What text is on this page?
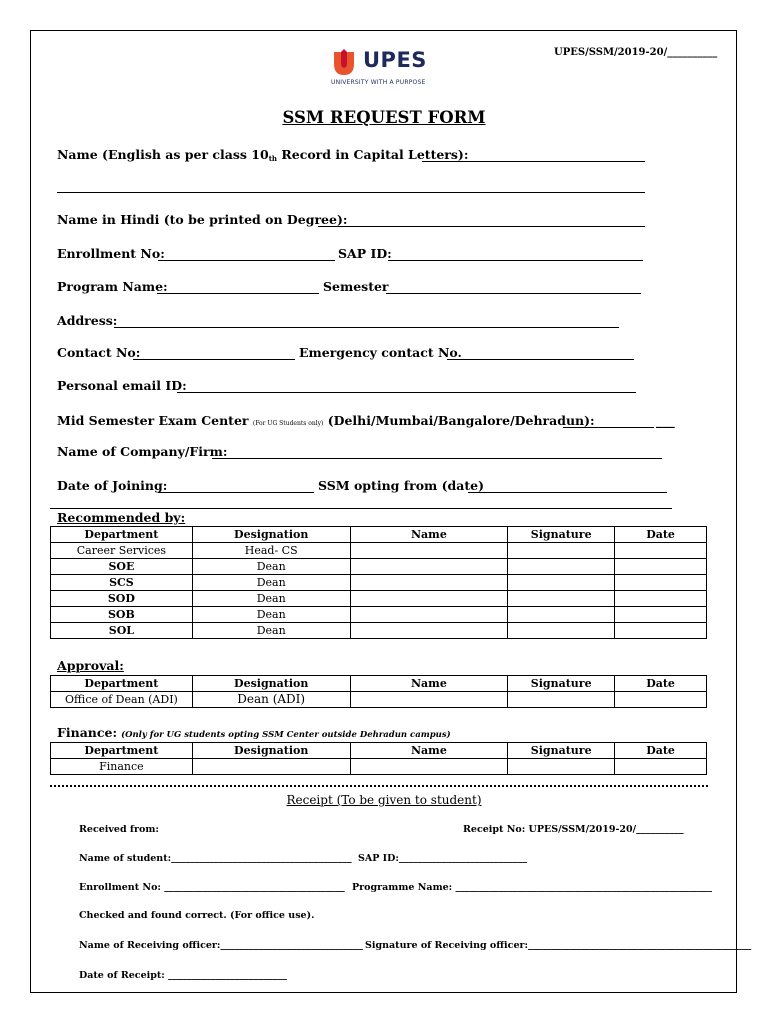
UPES
UNIVERSITY WITH A PURPOSE
UPES/SSM/2019-20/__________
SSM REQUEST FORM
Name (English as per class $10_{th}$ Record in Capital Letters):
Name in Hindi (to be printed on Degree):
Enrollment No:	SAP ID:
Program Name:	Semester
Address:
Contact No:	Emergency contact No.
Personal email ID:
Mid Semester Exam Center (For UG Students only) (Delhi/Mumbai/Bangalore/Dehradun):	___
Name of Company/Firm:
Date of Joining:	SSM opting from (date)
Recommended by:
Department	Designation	Name	Signature	Date
Career Services	Head- CS			
SOE	Dean			
SCS	Dean			
SOD	Dean			
SOB	Dean			
SOL	Dean			
Approval:
Department	Designation	Name	Signature	Date
Office of Dean (ADI)	Dean (ADI)			
Finance: (Only for UG students opting SSM Center outside Dehradun campus)
Department	Designation	Name	Signature	Date
Finance				
Receipt (To be given to student)
Received from:	Receipt No: UPES/SSM/2019-20/__________
Name of student:______________________________________ SAP ID:___________________________
Enrollment No: ______________________________________ Programme Name: ______________________________________________________
Checked and found correct. (For office use).
Name of Receiving officer:______________________________ Signature of Receiving officer:_______________________________________________
Date of Receipt: _________________________
